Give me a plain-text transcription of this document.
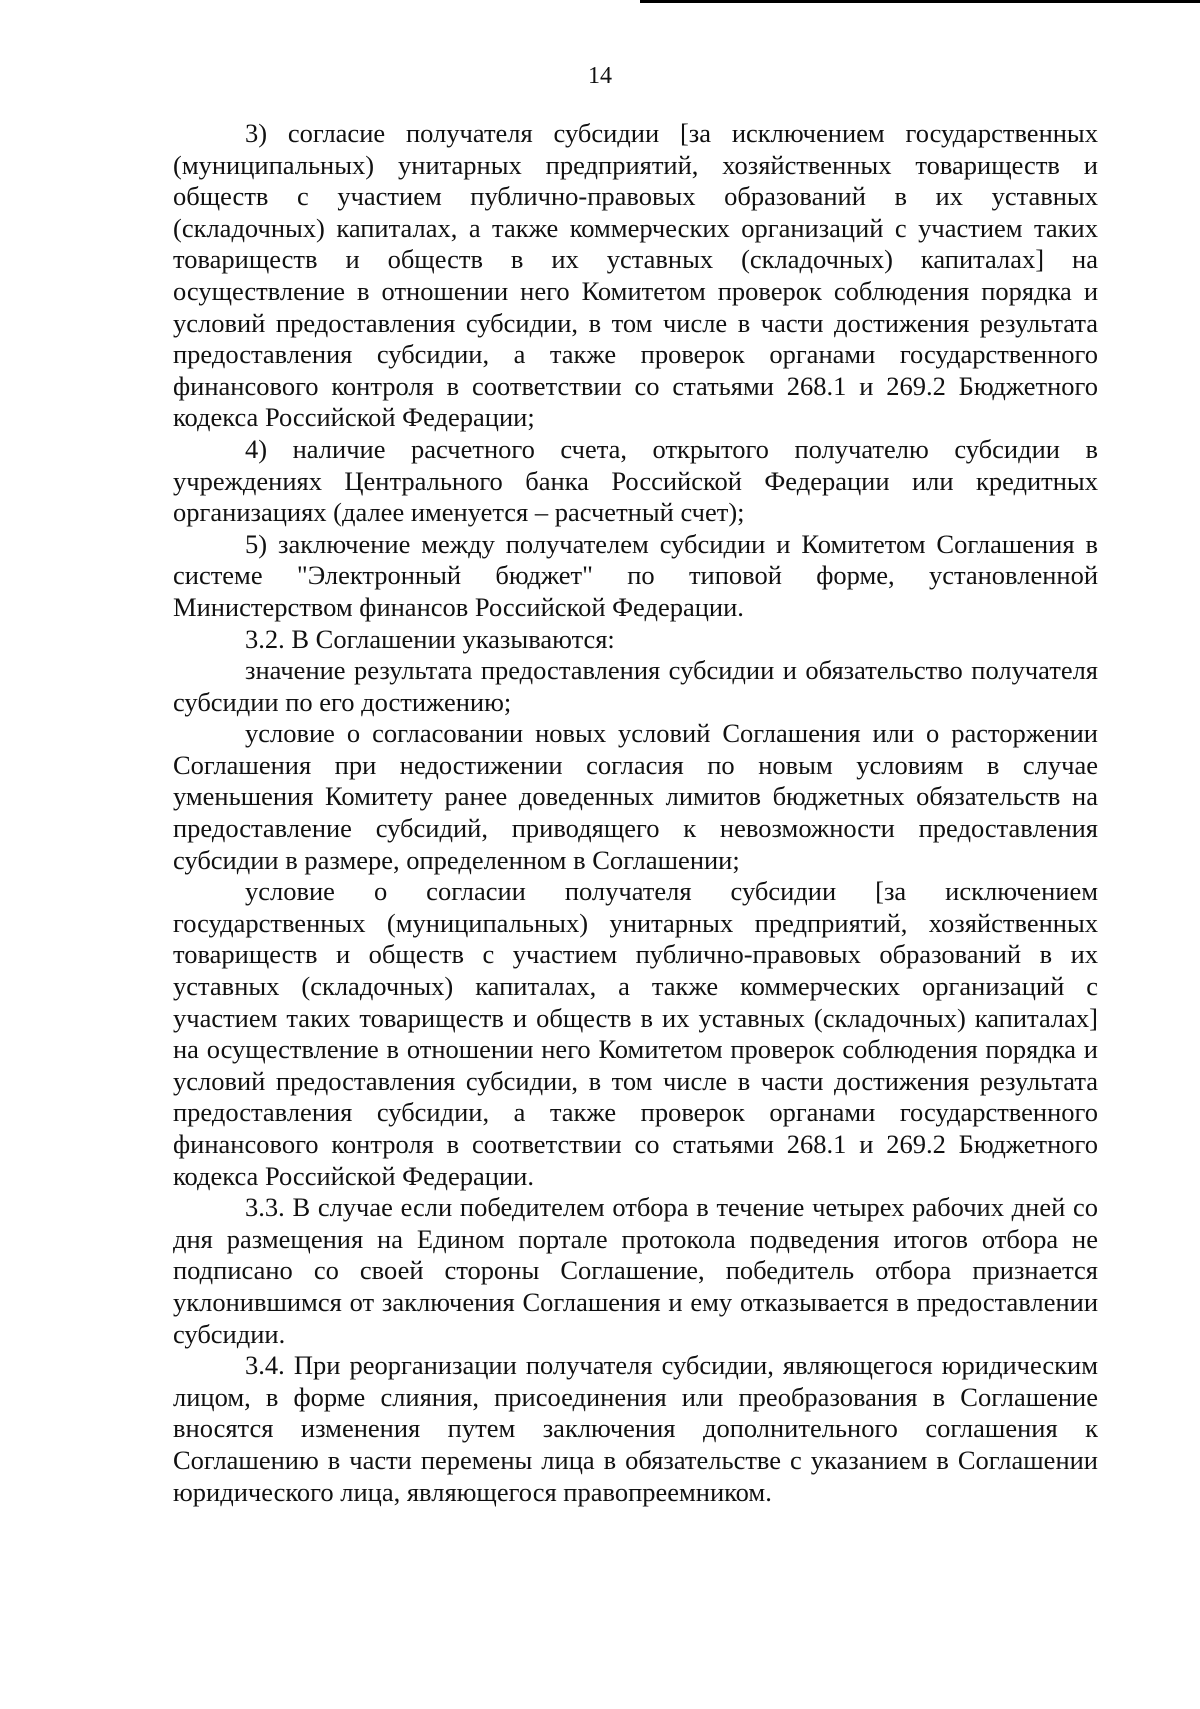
14

3) согласие получателя субсидии [за исключением государственных (муниципальных) унитарных предприятий, хозяйственных товариществ и обществ с участием публично-правовых образований в их уставных (складочных) капиталах, а также коммерческих организаций с участием таких товариществ и обществ в их уставных (складочных) капиталах] на осуществление в отношении него Комитетом проверок соблюдения порядка и условий предоставления субсидии, в том числе в части достижения результата предоставления субсидии, а также проверок органами государственного финансового контроля в соответствии со статьями 268.1 и 269.2 Бюджетного кодекса Российской Федерации;

4) наличие расчетного счета, открытого получателю субсидии в учреждениях Центрального банка Российской Федерации или кредитных организациях (далее именуется – расчетный счет);

5) заключение между получателем субсидии и Комитетом Соглашения в системе "Электронный бюджет" по типовой форме, установленной Министерством финансов Российской Федерации.

3.2. В Соглашении указываются:

значение результата предоставления субсидии и обязательство получателя субсидии по его достижению;

условие о согласовании новых условий Соглашения или о расторжении Соглашения при недостижении согласия по новым условиям в случае уменьшения Комитету ранее доведенных лимитов бюджетных обязательств на предоставление субсидий, приводящего к невозможности предоставления субсидии в размере, определенном в Соглашении;

условие о согласии получателя субсидии [за исключением государственных (муниципальных) унитарных предприятий, хозяйственных товариществ и обществ с участием публично-правовых образований в их уставных (складочных) капиталах, а также коммерческих организаций с участием таких товариществ и обществ в их уставных (складочных) капиталах] на осуществление в отношении него Комитетом проверок соблюдения порядка и условий предоставления субсидии, в том числе в части достижения результата предоставления субсидии, а также проверок органами государственного финансового контроля в соответствии со статьями 268.1 и 269.2 Бюджетного кодекса Российской Федерации.

3.3. В случае если победителем отбора в течение четырех рабочих дней со дня размещения на Едином портале протокола подведения итогов отбора не подписано со своей стороны Соглашение, победитель отбора признается уклонившимся от заключения Соглашения и ему отказывается в предоставлении субсидии.

3.4. При реорганизации получателя субсидии, являющегося юридическим лицом, в форме слияния, присоединения или преобразования в Соглашение вносятся изменения путем заключения дополнительного соглашения к Соглашению в части перемены лица в обязательстве с указанием в Соглашении юридического лица, являющегося правопреемником.
